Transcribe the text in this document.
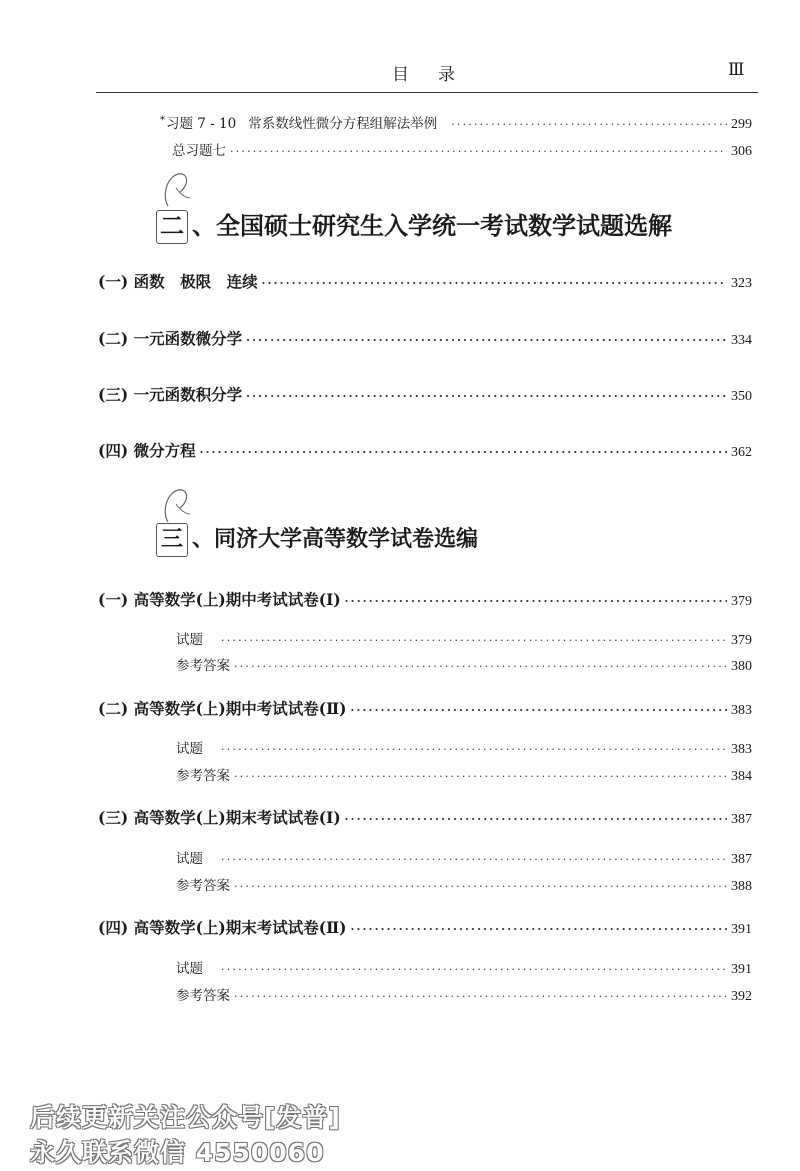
目 录	Ⅲ
*习题 7 - 10 常系数线性微分方程组解法举例 ·····	299
总习题七 ·····	306
二 、全国硕士研究生入学统一考试数学试题选解
(一) 函数　极限　连续 ·····	323
(二) 一元函数微分学 ·····	334
(三) 一元函数积分学 ·····	350
(四) 微分方程 ·····	362
三 、同济大学高等数学试卷选编
(一) 高等数学(上)期中考试试卷(Ⅰ) ·····	379
试题 ·····	379
参考答案 ·····	380
(二) 高等数学(上)期中考试试卷(Ⅱ) ·····	383
试题 ·····	383
参考答案 ·····	384
(三) 高等数学(上)期末考试试卷(Ⅰ) ·····	387
试题 ·····	387
参考答案 ·····	388
(四) 高等数学(上)期末考试试卷(Ⅱ) ·····	391
试题 ·····	391
参考答案 ·····	392
后续更新关注公众号[发普]
永久联系微信 4550060
